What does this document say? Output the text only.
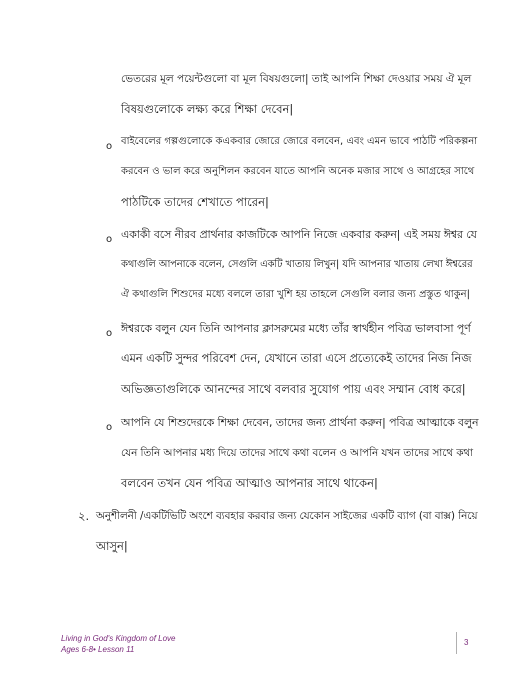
ভেতরের মূল পয়েন্টগুলো বা মূল বিষয়গুলো| তাই আপনি শিক্ষা দেওয়ার সময় ঐ মূল
বিষয়গুলোকে লক্ষ্য করে শিক্ষা দেবেন|
o বাইবেলের গল্পগুলোকে কএকবার জোরে জোরে বলবেন, এবং এমন ভাবে পাঠটি পরিকল্পনা
করবেন ও ভাল করে অনুশিলন করবেন যাতে আপনি অনেক মজার সাথে ও আগ্রহের সাথে
পাঠটিকে তাদের শেখাতে পারেন|
o একাকী বসে নীরব প্রার্থনার কাজটিকে আপনি নিজে একবার করুন| এই সময় ঈশ্বর যে
কথাগুলি আপনাকে বলেন, সেগুলি একটি খাতায় লিখুন| যদি আপনার খাতায় লেখা ঈশ্বরের
ঐ কথাগুলি শিশুদের মধ্যে বললে তারা খুশি হয় তাহলে সেগুলি বলার জন্য প্রস্তুত থাকুন|
o ঈশ্বরকে বলুন যেন তিনি আপনার ক্লাসরুমের মধ্যে তাঁর স্বার্থহীন পবিত্র ভালবাসা পূর্ণ
এমন একটি সুন্দর পরিবেশ দেন, যেখানে তারা এসে প্রত্যেকেই তাদের নিজ নিজ
অভিজ্ঞতাগুলিকে আনন্দের সাথে বলবার সুযোগ পায় এবং সম্মান বোধ করে|
o আপনি যে শিশুদেরকে শিক্ষা দেবেন, তাদের জন্য প্রার্থনা করুন| পবিত্র আত্মাকে বলুন
যেন তিনি আপনার মধ্য দিয়ে তাদের সাথে কথা বলেন ও আপনি যখন তাদের সাথে কথা
বলবেন তখন যেন পবিত্র আত্মাও আপনার সাথে থাকেন|
২. অনুশীলনী /একটিভিটি অংশে ব্যবহার করবার জন্য যেকোন সাইজের একটি ব্যাগ (বা বাক্স) নিয়ে
আসুন|
Living in God's Kingdom of Love
Ages 6-8• Lesson 11
3
